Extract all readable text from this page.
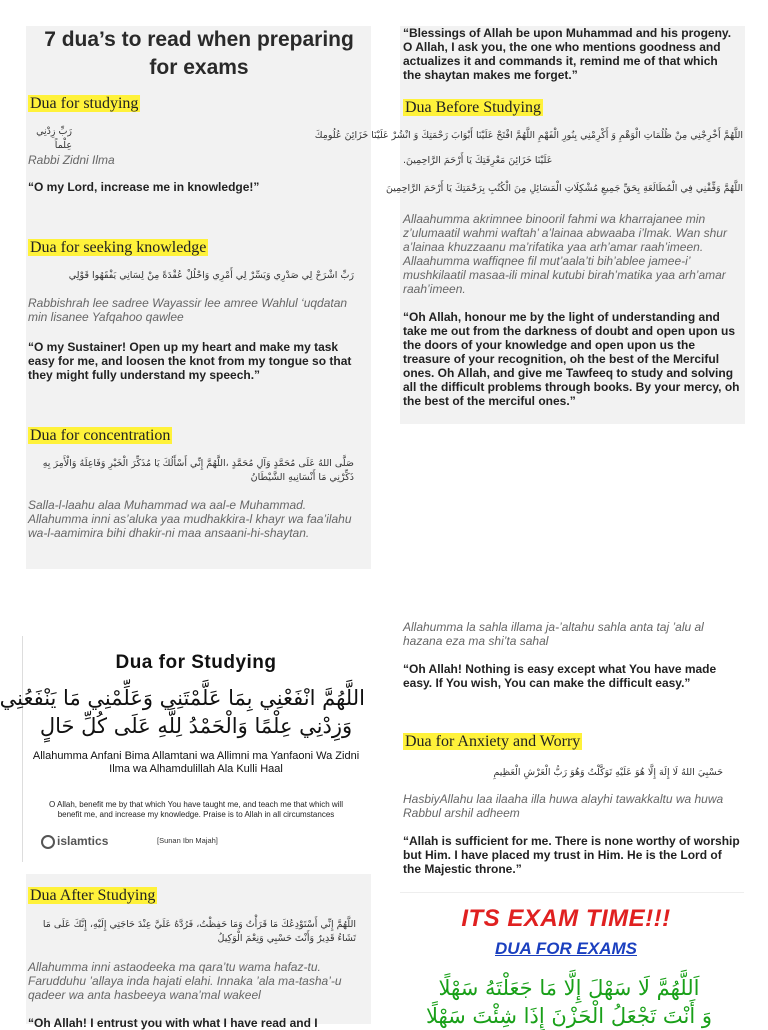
7 dua’s to read when preparing for exams
Dua for studying
رَبِّ زِدْنِي عِلْماً
Rabbi Zidni Ilma
“O my Lord, increase me in knowledge!”
Dua for seeking knowledge
رَبِّ اشْرَحْ لِي صَدْرِي وَيَسِّرْ لِي أَمْرِي وَاحْلُلْ عُقْدَةً مِنْ لِسَانِي يَفْقَهُوا قَوْلِي
Rabbishrah lee sadree Wayassir lee amree Wahlul ‘uqdatan min lisanee Yafqahoo qawlee
“O my Sustainer! Open up my heart and make my task easy for me, and loosen the knot from my tongue so that they might fully understand my speech.”
Dua for concentration
صَلَّى اللهُ عَلَى مُحَمَّدٍ وَآلِ مُحَمَّدٍ ،اللَّهُمَّ إِنِّي أَسْأَلُكَ يَا مُذَكِّرَ الْخَيْرِ وَفَاعِلَهُ وَالْأَمِرَ بِهِ ذَكِّرْنِي مَا أَنْسَانِيهِ الشَّيْطَانُ
Salla-l-laahu alaa Muhammad wa aal-e Muhammad. Allahumma inni as’aluka yaa mudhakkira-l khayr wa faa’ilahu wa-l-aamimira bihi dhakir-ni maa ansaani-hi-shaytan.
“Blessings of Allah be upon Muhammad and his progeny. O Allah, I ask you, the one who mentions goodness and actualizes it and commands it, remind me of that which the shaytan makes me forget.”
Dua Before Studying
اللَّهُمَّ أَخْرِجْنِي مِنْ ظُلُمَاتِ الْوَهْمِ وَ أَكْرِمْنِي بِنُورِ الْفَهْمِ اللَّهُمَّ افْتَحْ عَلَيْنَا أَبْوَابَ رَحْمَتِكَ وَ انْشُرْ عَلَيْنَا خَزَائِنَ عُلُومِكَ
عَلَيْنَا خَزَائِنَ مَعْرِفَتِكَ يَا أَرْحَمَ الرَّاحِمِينَ.
اللَّهُمَّ وَفِّقْنِي فِي الْمُطَالَعَةِ بِحَقِّ جَمِيعِ مُشْكِلَاتِ الْمَسَائِلِ مِنَ الْكُتُبِ بِرَحْمَتِكَ يَا أَرْحَمَ الرَّاحِمِينَ
Allaahumma akrimnee binooril fahmi wa kharrajanee min z’ulumaatil wahmi waftah’ a’lainaa abwaaba i’lmak. Wan shur a’lainaa khuzzaanu ma’rifatika yaa arh’amar raah’imeen. Allaahumma waffiqnee fil mut’aala’ti bih’ablee jamee-i’ mushkilaatil masaa-ili minal kutubi birah’matika yaa arh’amar raah’imeen.
“Oh Allah, honour me by the light of understanding and take me out from the darkness of doubt and open upon us the doors of your knowledge and open upon us the treasure of your recognition, oh the best of the Merciful ones. Oh Allah, and give me Tawfeeq to study and solving all the difficult problems through books. By your mercy, oh the best of the merciful ones.”
Dua for Studying
اللَّهُمَّ انْفَعْنِي بِمَا عَلَّمْتَنِي وَعَلِّمْنِي مَا يَنْفَعُنِي
وَزِدْنِي عِلْمًا وَالْحَمْدُ لِلَّهِ عَلَى كُلِّ حَالٍ
Allahumma Anfani Bima Allamtani wa Allimni ma Yanfaoni Wa Zidni Ilma wa Alhamdulillah Ala Kulli Haal
O Allah, benefit me by that which You have taught me, and teach me that which will benefit me, and increase my knowledge. Praise is to Allah in all circumstances
islamtics	[Sunan Ibn Majah]
Allahumma la sahla illama ja-’altahu sahla anta taj ’alu al hazana eza ma shi’ta sahal
“Oh Allah! Nothing is easy except what You have made easy. If You wish, You can make the difficult easy.”
Dua for Anxiety and Worry
حَسْبِيَ اللهُ لَا إِلَهَ إِلَّا هُوَ عَلَيْهِ تَوَكَّلْتُ وَهُوَ رَبُّ الْعَرْشِ الْعَظِيمِ
HasbiyAllahu laa ilaaha illa huwa alayhi tawakkaltu wa huwa Rabbul arshil adheem
“Allah is sufficient for me. There is none worthy of worship but Him. I have placed my trust in Him. He is the Lord of the Majestic throne.”
Dua After Studying
اللَّهُمَّ إِنِّي أَسْتَوْدِعُكَ مَا قَرَأْتُ وَمَا حَفِظْتُ، فَرُدَّهُ عَلَيَّ عِنْدَ حَاجَتِي إِلَيْهِ، إِنَّكَ عَلَى مَا تَشَاءُ قَدِيرٌ وَأَنْتَ حَسْبِي وَنِعْمَ الْوَكِيلُ
Allahumma inni astaodeeka ma qara’tu wama hafaz-tu. Farudduhu ’allaya inda hajati elahi. Innaka ’ala ma-tasha’-u qadeer wa anta hasbeeya wana’mal wakeel
“Oh Allah! I entrust you with what I have read and I
ITS EXAM TIME!!!
DUA FOR EXAMS
اَللَّهُمَّ لَا سَهْلَ إِلَّا مَا جَعَلْتَهُ سَهْلًا
وَ أَنْتَ تَجْعَلُ الْحَزْنَ إِذَا شِئْتَ سَهْلًا
